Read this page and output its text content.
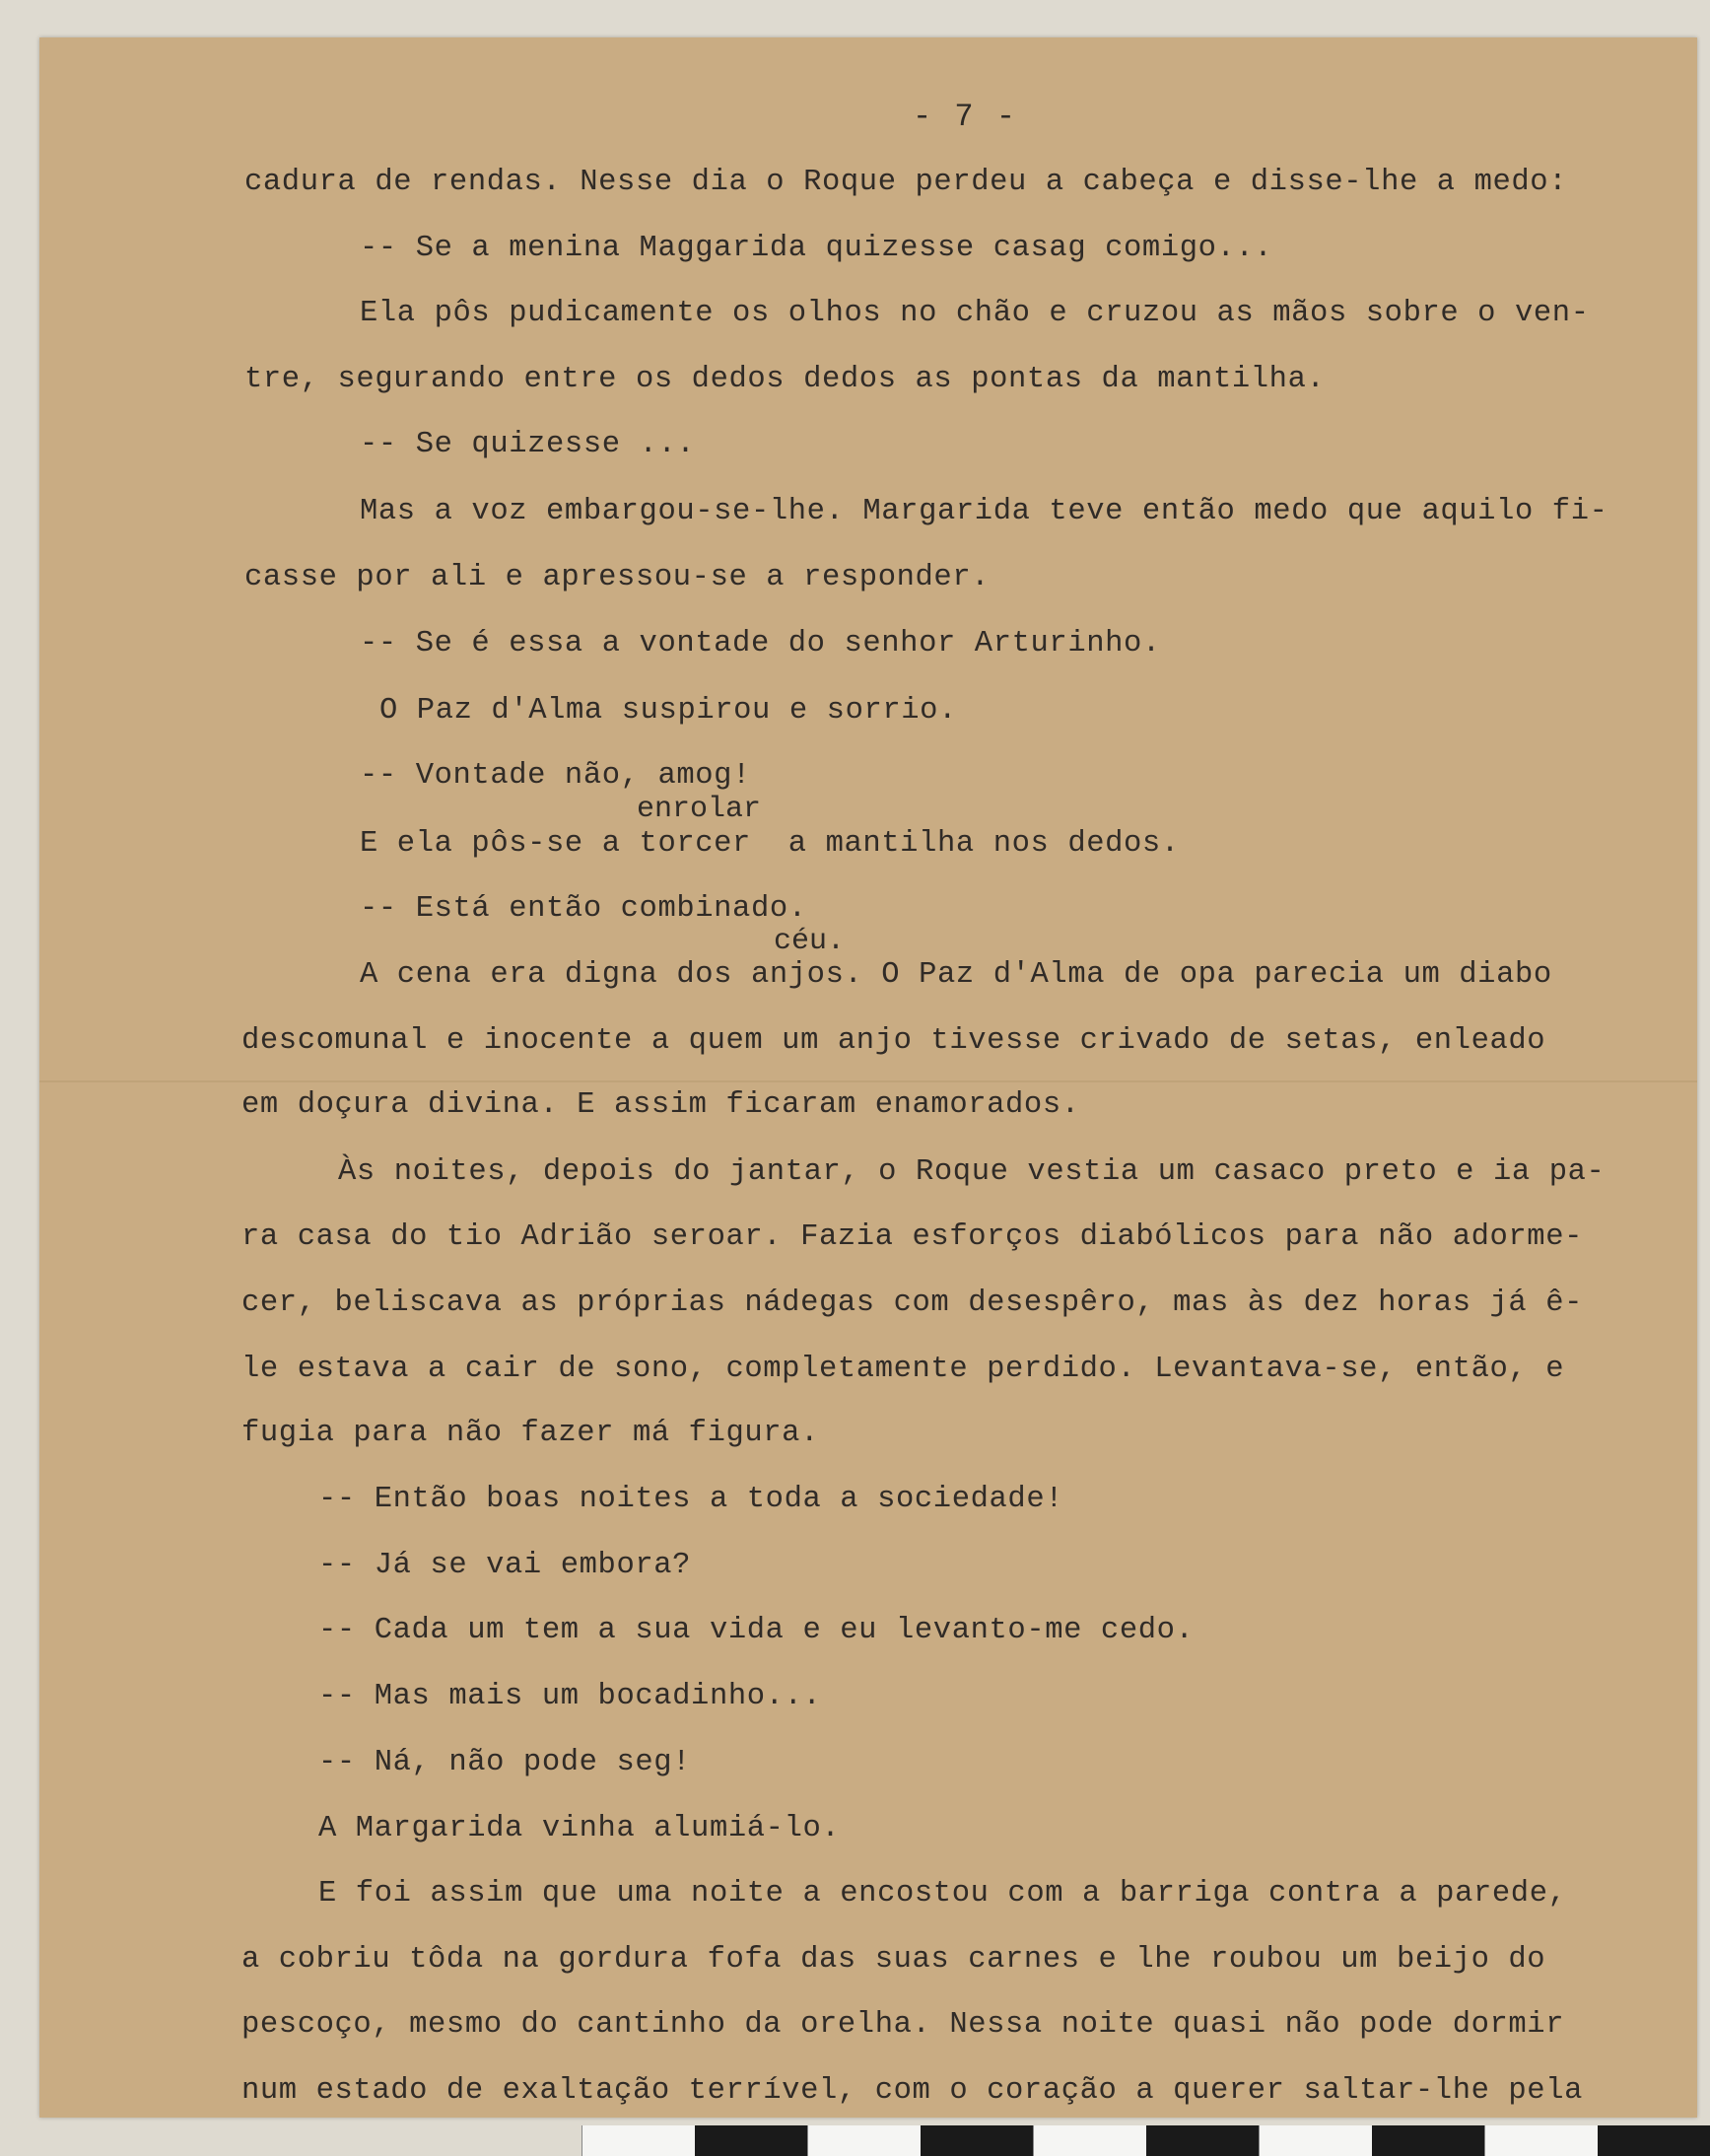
- 7 -
cadura de rendas. Nesse dia o Roque perdeu a cabeça e disse-lhe a medo:
-- Se a menina Maggarida quizesse casag comigo...
Ela pôs pudicamente os olhos no chão e cruzou as mãos sobre o ven-
tre, segurando entre os dedos dedos as pontas da mantilha.
-- Se quizesse ...
Mas a voz embargou-se-lhe. Margarida teve então medo que aquilo fi-
casse por ali e apressou-se a responder.
-- Se é essa a vontade do senhor Arturinho.
O Paz d'Alma suspirou e sorrio.
-- Vontade não, amog!
enrolar
E ela pôs-se a torcer  a mantilha nos dedos.
-- Está então combinado.
céu.
A cena era digna dos anjos. O Paz d'Alma de opa parecia um diabo
descomunal e inocente a quem um anjo tivesse crivado de setas, enleado
em doçura divina. E assim ficaram enamorados.
Às noites, depois do jantar, o Roque vestia um casaco preto e ia pa-
ra casa do tio Adrião seroar. Fazia esforços diabólicos para não adorme-
cer, beliscava as próprias nádegas com desespêro, mas às dez horas já ê-
le estava a cair de sono, completamente perdido. Levantava-se, então, e
fugia para não fazer má figura.
-- Então boas noites a toda a sociedade!
-- Já se vai embora?
-- Cada um tem a sua vida e eu levanto-me cedo.
-- Mas mais um bocadinho...
-- Ná, não pode seg!
A Margarida vinha alumiá-lo.
E foi assim que uma noite a encostou com a barriga contra a parede,
a cobriu tôda na gordura fofa das suas carnes e lhe roubou um beijo do
pescoço, mesmo do cantinho da orelha. Nessa noite quasi não pode dormir
num estado de exaltação terrível, com o coração a querer saltar-lhe pela
